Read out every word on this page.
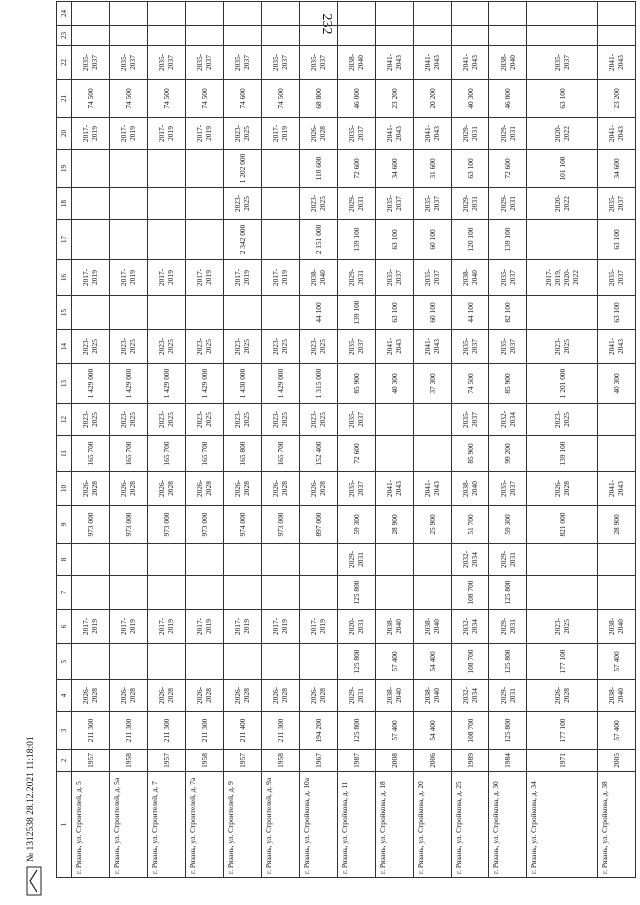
232
1	2	3	4	5	6	7	8	9	10	11	12	13	14	15	16	17	18	19	20	21	22	23	24
г. Рязань, ул. Строителей, д. 5	1957	211 300	2026-2028		2017-2019			973 000	2026-2028	165 700	2023-2025	1 429 000	2023-2025		2017-2019				2017-2019	74 500	2035-2037		
г. Рязань, ул. Строителей, д. 5а	1958	211 300	2026-2028		2017-2019			973 000	2026-2028	165 700	2023-2025	1 429 000	2023-2025		2017-2019				2017-2019	74 500	2035-2037		
г. Рязань, ул. Строителей, д. 7	1957	211 300	2026-2028		2017-2019			973 000	2026-2028	165 700	2023-2025	1 429 000	2023-2025		2017-2019				2017-2019	74 500	2035-2037		
г. Рязань, ул. Строителей, д. 7а	1958	211 300	2026-2028		2017-2019			973 000	2026-2028	165 700	2023-2025	1 429 000	2023-2025		2017-2019				2017-2019	74 500	2035-2037		
г. Рязань, ул. Строителей, д. 9	1957	211 400	2026-2028		2017-2019			974 000	2026-2028	165 800	2023-2025	1 430 000	2023-2025		2017-2019	2 342 000	2023-2025	1 202 000	2023-2025	74 600	2035-2037		
г. Рязань, ул. Строителей, д. 9а	1958	211 300	2026-2028		2017-2019			973 000	2026-2028	165 700	2023-2025	1 429 000	2023-2025		2017-2019				2017-2019	74 500	2035-2037		
г. Рязань, ул. Стройкова, д. 10а	1967	194 200	2026-2028		2017-2019			897 000	2026-2028	152 400	2023-2025	1 315 000	2023-2025	44 100	2038-2040	2 151 000	2023-2025	110 600	2026-2028	68 800	2035-2037		
г. Рязань, ул. Стройкова, д. 11	1987	125 800	2029-2031	125 800	2020-2031	125 800	2029-2031	59 300	2035-2037	72 600	2035-2037	85 900	2035-2037	139 100	2029-2031	139 100	2029-2031	72 600	2035-2037	46 000	2038-2040		
г. Рязань, ул. Стройкова, д. 18	2008	57 400	2038-2040	57 400	2038-2040			28 900	2041-2043			40 300	2041-2043	63 100	2035-2037	63 100	2035-2037	34 600	2041-2043	23 200	2041-2043		
г. Рязань, ул. Стройкова, д. 20	2006	54 400	2038-2040	54 400	2038-2040			25 900	2041-2043			37 300	2041-2043	60 100	2035-2037	60 100	2035-2037	31 600	2041-2043	20 200	2041-2043		
г. Рязань, ул. Стройкова, д. 25	1989	108 700	2032-2034	108 700	2032-2034	108 700	2032-2034	51 700	2038-2040	85 900	2035-2037	74 500	2035-2037	44 100	2038-2040	120 100	2029-2031	63 100	2029-2031	40 300	2041-2043		
г. Рязань, ул. Стройкова, д. 30	1984	125 800	2029-2031	125 800	2029-2031	125 800	2029-2031	59 300	2035-2037	99 200	2032-2034	85 900	2035-2037	82 100	2035-2037	139 100	2029-2031	72 600	2029-2031	46 000	2038-2040		
г. Рязань, ул. Стройкова, д. 34	1971	177 100	2026-2028	177 100	2023-2025			821 000	2026-2028	139 100	2023-2025	1 201 000	2023-2025		2017-2019, 2020-2022		2020-2022	101 100	2020-2022	63 100	2035-2037		
г. Рязань, ул. Стройкова, д. 38	2005	57 400	2038-2040	57 400	2038-2040			28 900	2041-2043			40 300	2041-2043	63 100	2035-2037	63 100	2035-2037	34 600	2041-2043	23 200	2041-2043		
№ 1312538 28.12.2021 11:18:01
